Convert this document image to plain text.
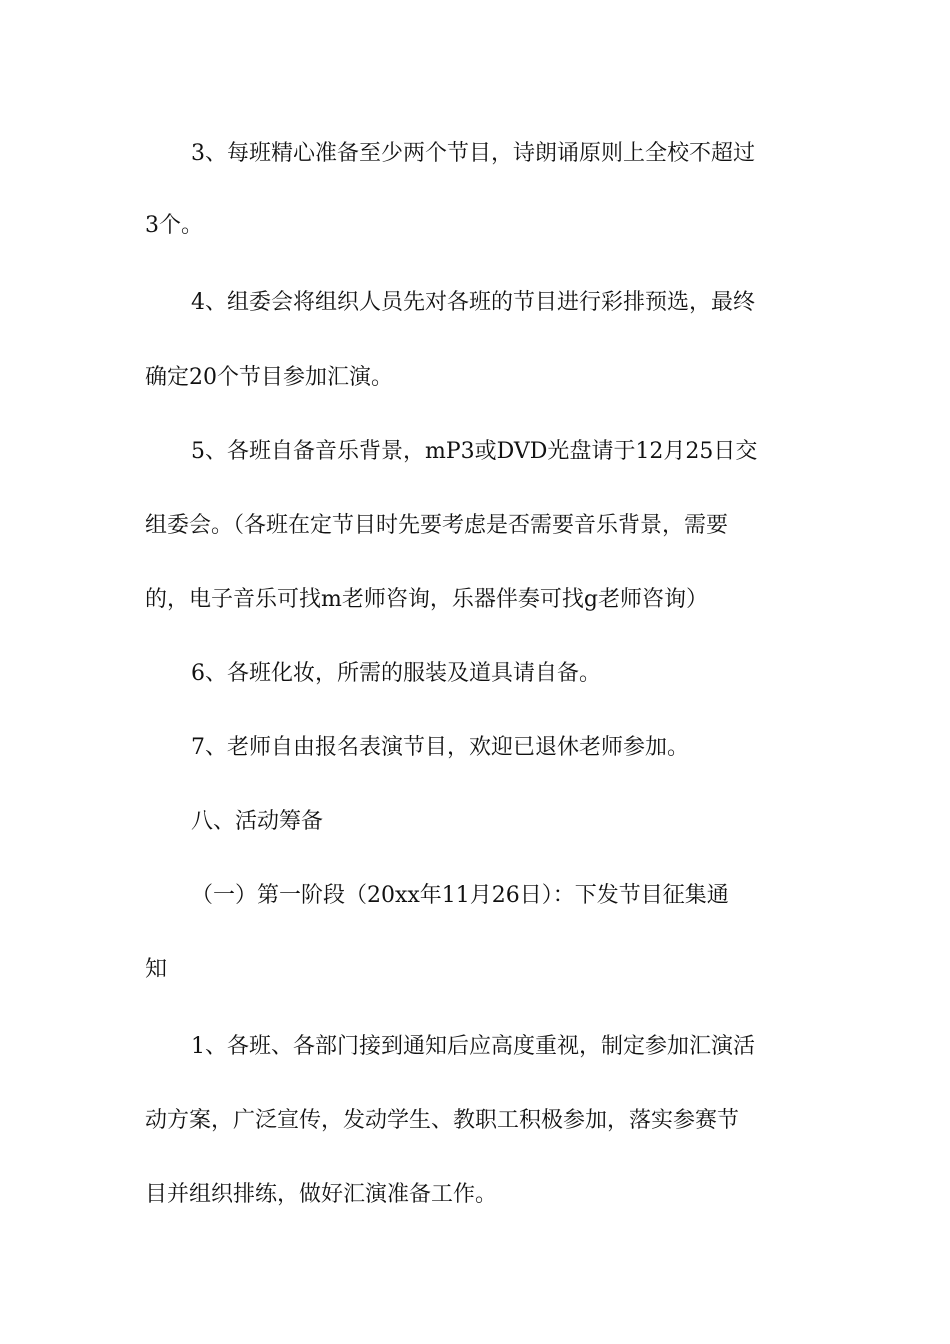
3、每班精心准备至少两个节目，诗朗诵原则上全校不超过
3个。
4、组委会将组织人员先对各班的节目进行彩排预选，最终
确定20个节目参加汇演。
5、各班自备音乐背景，mP3或DVD光盘请于12月25日交
组委会。（各班在定节目时先要考虑是否需要音乐背景，需要
的，电子音乐可找m老师咨询，乐器伴奏可找g老师咨询）
6、各班化妆，所需的服装及道具请自备。
7、老师自由报名表演节目，欢迎已退休老师参加。
八、活动筹备
（一）第一阶段（20xx年11月26日）：下发节目征集通
知
1、各班、各部门接到通知后应高度重视，制定参加汇演活
动方案，广泛宣传，发动学生、教职工积极参加，落实参赛节
目并组织排练，做好汇演准备工作。
